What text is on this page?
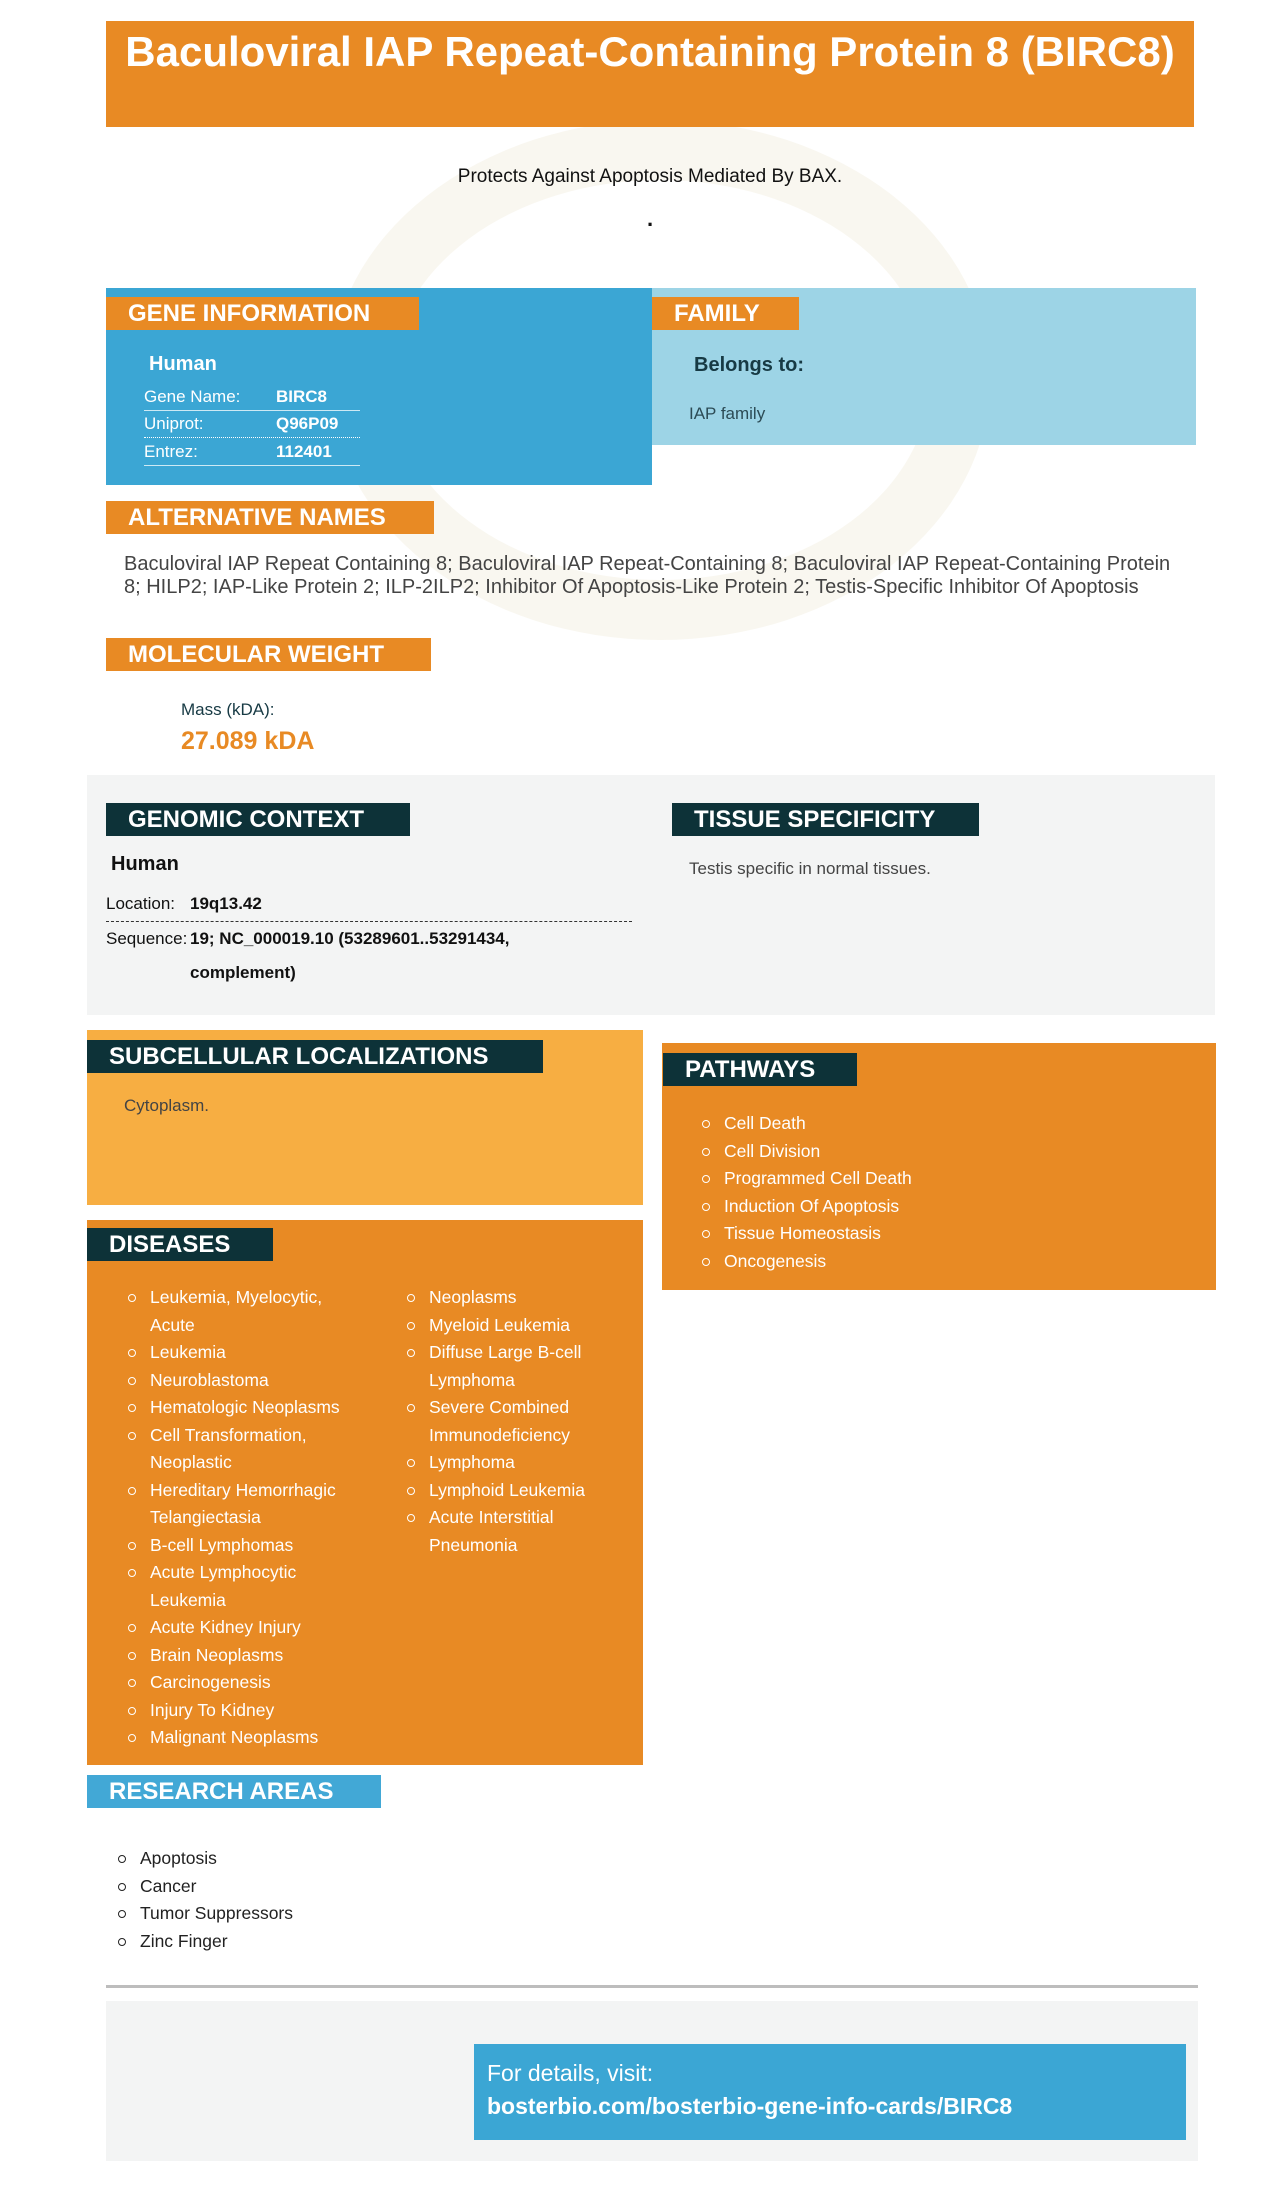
Baculoviral IAP Repeat-Containing Protein 8 (BIRC8)
Protects Against Apoptosis Mediated By BAX.
.
GENE INFORMATION
Human
Gene Name: BIRC8
Uniprot:	Q96P09
Entrez:	112401
FAMILY
Belongs to:
IAP family
ALTERNATIVE NAMES
Baculoviral IAP Repeat Containing 8; Baculoviral IAP Repeat-Containing 8; Baculoviral IAP Repeat-Containing Protein 8; HILP2; IAP-Like Protein 2; ILP-2ILP2; Inhibitor Of Apoptosis-Like Protein 2; Testis-Specific Inhibitor Of Apoptosis
MOLECULAR WEIGHT
Mass (kDA):
27.089 kDA
GENOMIC CONTEXT
Human
Location: 19q13.42
Sequence: 19; NC_000019.10 (53289601..53291434,
complement)
TISSUE SPECIFICITY
Testis specific in normal tissues.
SUBCELLULAR LOCALIZATIONS
Cytoplasm.
PATHWAYS
Cell Death
Cell Division
Programmed Cell Death
Induction Of Apoptosis
Tissue Homeostasis
Oncogenesis
DISEASES
Leukemia, Myelocytic, Acute
Leukemia
Neuroblastoma
Hematologic Neoplasms
Cell Transformation, Neoplastic
Hereditary Hemorrhagic Telangiectasia
B-cell Lymphomas
Acute Lymphocytic Leukemia
Acute Kidney Injury
Brain Neoplasms
Carcinogenesis
Injury To Kidney
Malignant Neoplasms
Neoplasms
Myeloid Leukemia
Diffuse Large B-cell Lymphoma
Severe Combined Immunodeficiency
Lymphoma
Lymphoid Leukemia
Acute Interstitial Pneumonia
RESEARCH AREAS
Apoptosis
Cancer
Tumor Suppressors
Zinc Finger
For details, visit:
bosterbio.com/bosterbio-gene-info-cards/BIRC8
